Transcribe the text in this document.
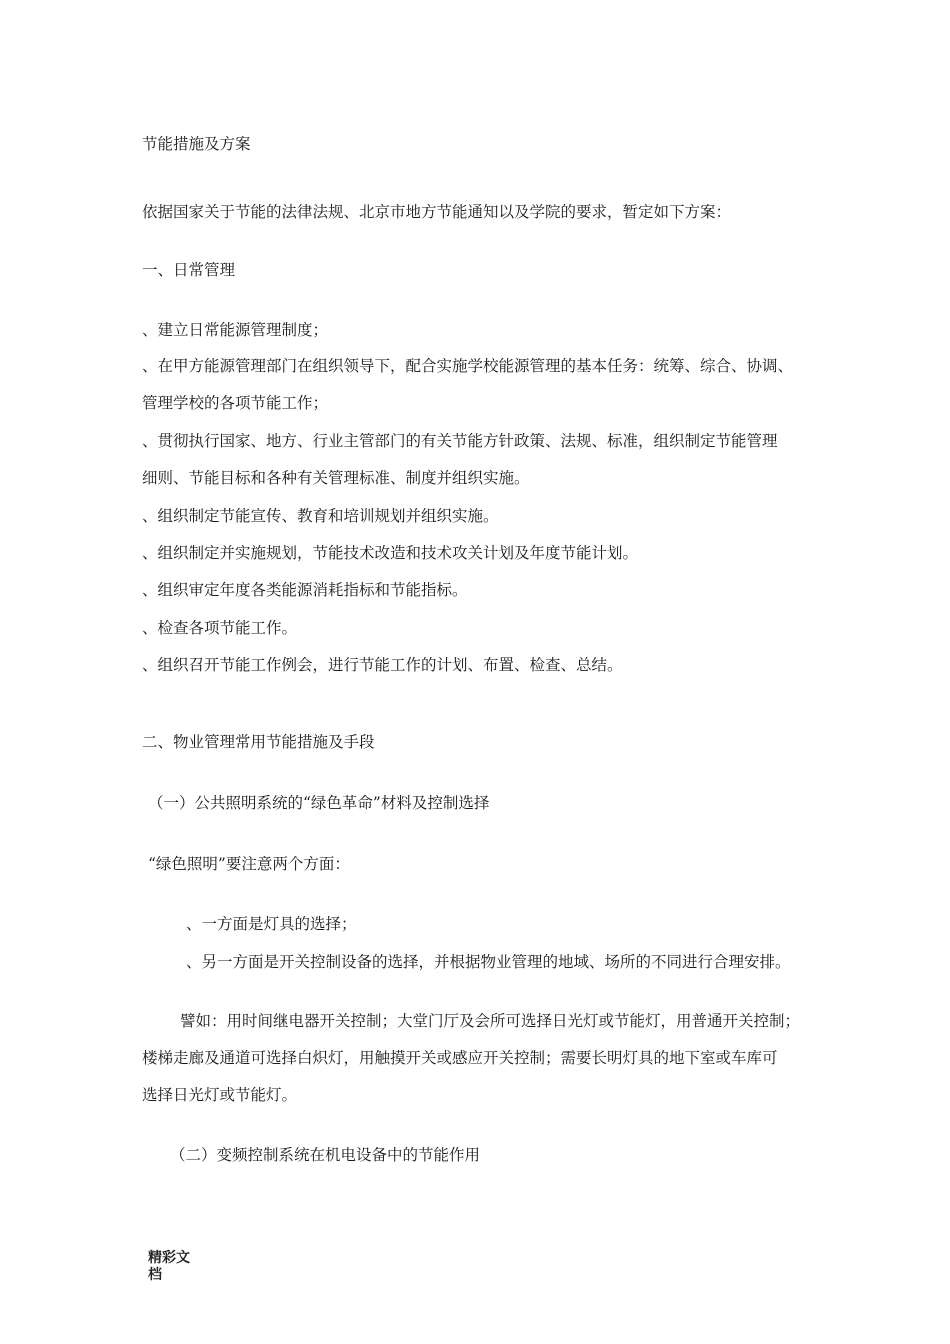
节能措施及方案
依据国家关于节能的法律法规、北京市地方节能通知以及学院的要求，暂定如下方案：
一、日常管理
、建立日常能源管理制度；
、在甲方能源管理部门在组织领导下，配合实施学校能源管理的基本任务：统筹、综合、协调、
管理学校的各项节能工作；
、贯彻执行国家、地方、行业主管部门的有关节能方针政策、法规、标准，组织制定节能管理
细则、节能目标和各种有关管理标准、制度并组织实施。
、组织制定节能宣传、教育和培训规划并组织实施。
、组织制定并实施规划，节能技术改造和技术攻关计划及年度节能计划。
、组织审定年度各类能源消耗指标和节能指标。
、检查各项节能工作。
、组织召开节能工作例会，进行节能工作的计划、布置、检查、总结。
二、物业管理常用节能措施及手段
（一）公共照明系统的“绿色革命”材料及控制选择
“绿色照明”要注意两个方面：
、一方面是灯具的选择；
、另一方面是开关控制设备的选择，并根据物业管理的地域、场所的不同进行合理安排。
譬如：用时间继电器开关控制；大堂门厅及会所可选择日光灯或节能灯，用普通开关控制；
楼梯走廊及通道可选择白炽灯，用触摸开关或感应开关控制；需要长明灯具的地下室或车库可
选择日光灯或节能灯。
（二）变频控制系统在机电设备中的节能作用
精彩文
档
